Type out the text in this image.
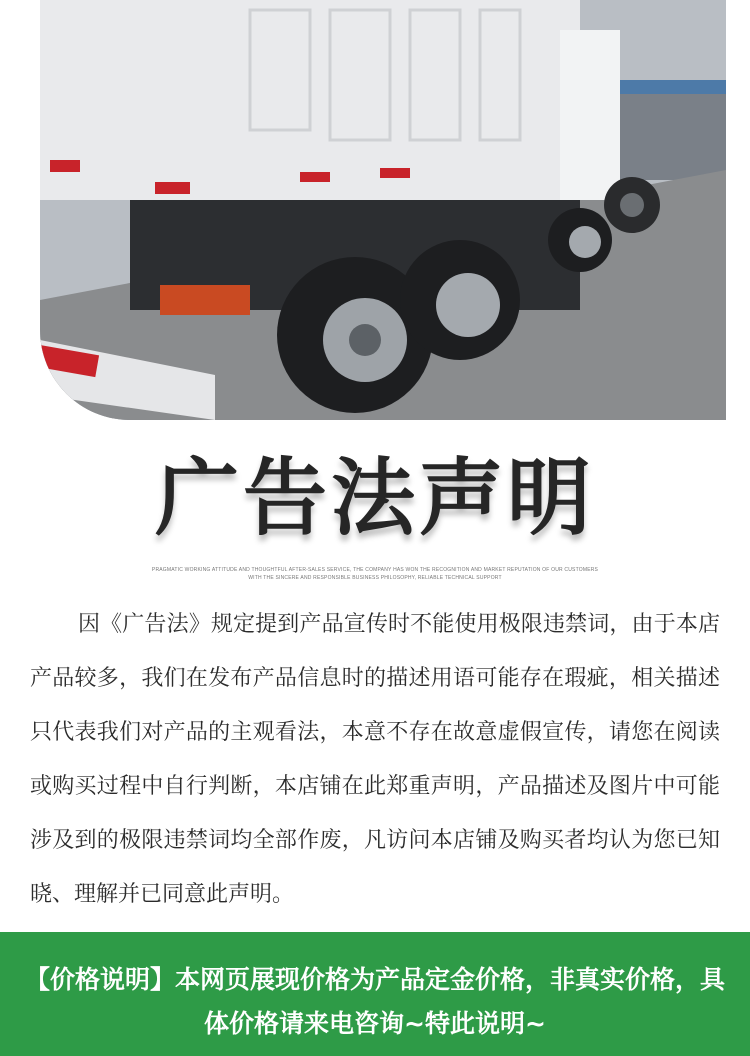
广告法声明
PRAGMATIC WORKING ATTITUDE AND THOUGHTFUL AFTER-SALES SERVICE, THE COMPANY HAS WON THE RECOGNITION AND MARKET REPUTATION OF OUR CUSTOMERS WITH THE SINCERE AND RESPONSIBLE BUSINESS PHILOSOPHY, RELIABLE TECHNICAL SUPPORT
因《广告法》规定提到产品宣传时不能使用极限违禁词，由于本店产品较多，我们在发布产品信息时的描述用语可能存在瑕疵，相关描述只代表我们对产品的主观看法，本意不存在故意虚假宣传，请您在阅读或购买过程中自行判断，本店铺在此郑重声明，产品描述及图片中可能涉及到的极限违禁词均全部作废，凡访问本店铺及购买者均认为您已知晓、理解并已同意此声明。
【价格说明】本网页展现价格为产品定金价格，非真实价格，具体价格请来电咨询~特此说明~
